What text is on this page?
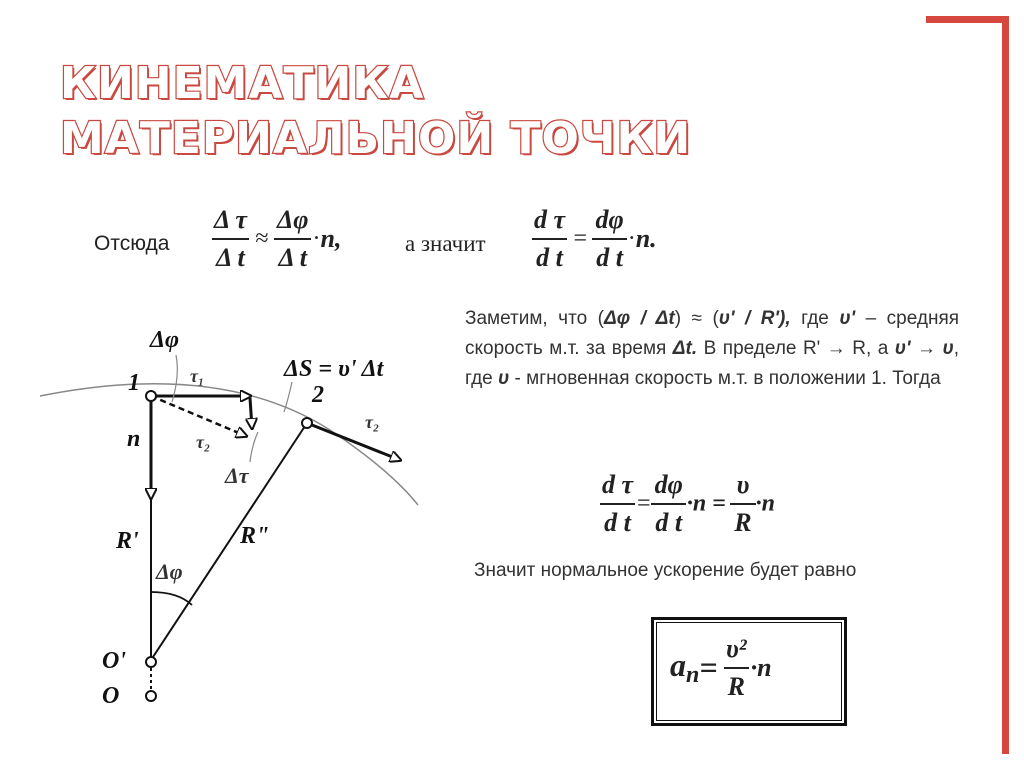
КИНЕМАТИКА
МАТЕРИАЛЬНОЙ ТОЧКИ
Отсюда $\frac{\text{Δ τ}}{\text{Δ t}} \approx \frac{\Delta\varphi}{\text{Δ t}} \cdot n$,	а значит $\frac{\text{d τ}}{\text{d t}} = \frac{d\varphi}{\text{d t}} \cdot n$.
Заметим, что (Δφ / Δt) ≈ (υ' / R'), где υ' – средняя скорость м.т. за время Δt. В пределе R' → R, а υ' → υ, где υ - мгновенная скорость м.т. в положении 1. Тогда
$\frac{\text{d τ}}{\text{d t}} = \frac{d\varphi}{\text{d t}} \cdot n = \frac{\upsilon}{R} \cdot n$
Значит нормальное ускорение будет равно
$a_n= \frac{\text{υ²}}{R} \cdot n$
Δφ
τ₁
τ₂
ΔS = υ' Δt
1	2
n
Δτ
τ₂
R'	R"
Δφ
O'
O
